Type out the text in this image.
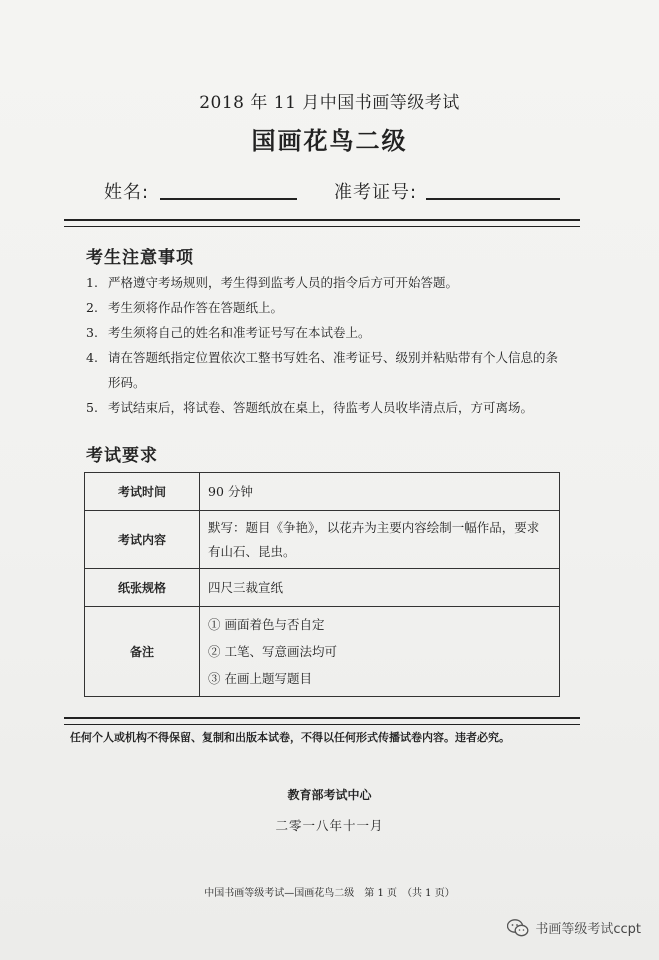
2018 年 11 月中国书画等级考试
国画花鸟二级
姓名:	准考证号:
考生注意事项
1. 严格遵守考场规则，考生得到监考人员的指令后方可开始答题。
2. 考生须将作品作答在答题纸上。
3. 考生须将自己的姓名和准考证号写在本试卷上。
4. 请在答题纸指定位置依次工整书写姓名、准考证号、级别并粘贴带有个人信息的条形码。
5. 考试结束后，将试卷、答题纸放在桌上，待监考人员收毕清点后，方可离场。
考试要求
考试时间	90 分钟
考试内容	默写：题目《争艳》，以花卉为主要内容绘制一幅作品，要求有山石、昆虫。
纸张规格	四尺三裁宣纸
备注	① 画面着色与否自定
② 工笔、写意画法均可
③ 在画上题写题目
任何个人或机构不得保留、复制和出版本试卷，不得以任何形式传播试卷内容。违者必究。
教育部考试中心
二零一八年十一月
中国书画等级考试—国画花鸟二级　第 1 页　（共 1 页）
书画等级考试ccpt
